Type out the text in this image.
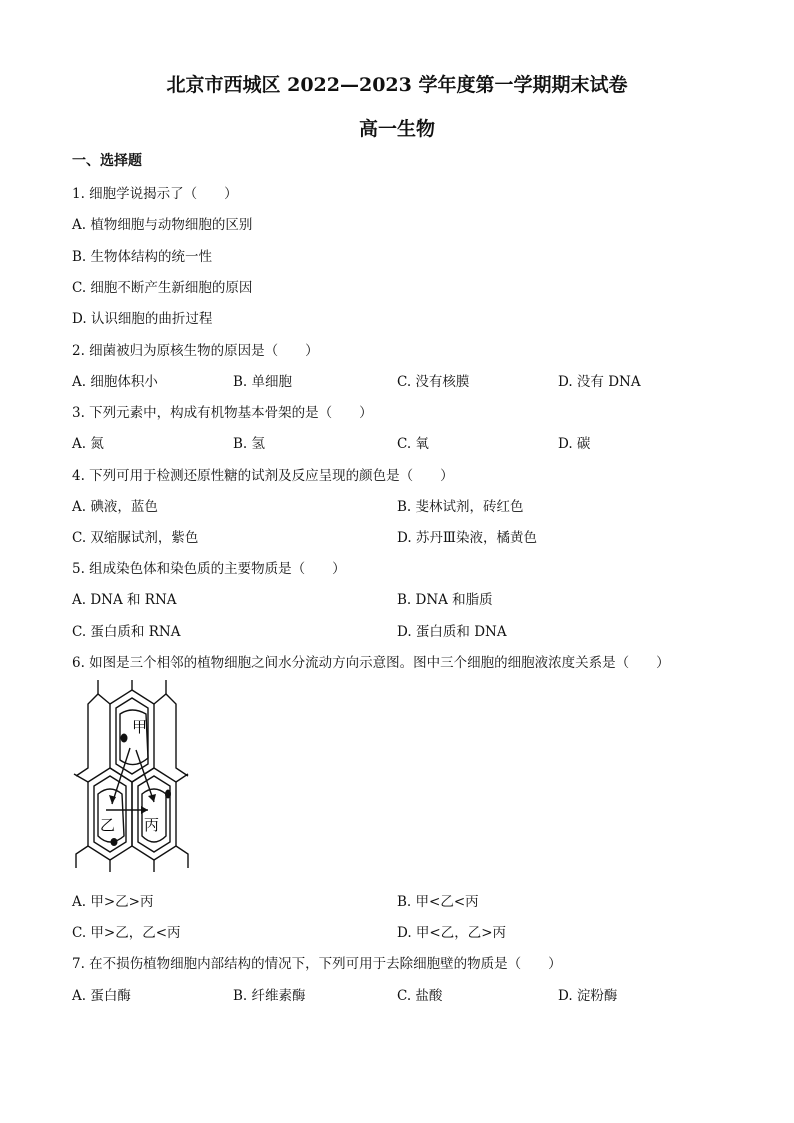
北京市西城区 2022—2023 学年度第一学期期末试卷
高一生物
一、选择题
1. 细胞学说揭示了（　　）
A. 植物细胞与动物细胞的区别
B. 生物体结构的统一性
C. 细胞不断产生新细胞的原因
D. 认识细胞的曲折过程
2. 细菌被归为原核生物的原因是（　　）
A. 细胞体积小	B. 单细胞	C. 没有核膜	D. 没有 DNA
3. 下列元素中，构成有机物基本骨架的是（　　）
A. 氮	B. 氢	C. 氧	D. 碳
4. 下列可用于检测还原性糖的试剂及反应呈现的颜色是（　　）
A. 碘液，蓝色	B. 斐林试剂，砖红色
C. 双缩脲试剂，紫色	D. 苏丹Ⅲ染液，橘黄色
5. 组成染色体和染色质的主要物质是（　　）
A. DNA 和 RNA	B. DNA 和脂质
C. 蛋白质和 RNA	D. 蛋白质和 DNA
6. 如图是三个相邻的植物细胞之间水分流动方向示意图。图中三个细胞的细胞液浓度关系是（　　）
甲
乙 丙
A. 甲>乙>丙	B. 甲<乙<丙
C. 甲>乙，乙<丙	D. 甲<乙，乙>丙
7. 在不损伤植物细胞内部结构的情况下，下列可用于去除细胞壁的物质是（　　）
A. 蛋白酶	B. 纤维素酶	C. 盐酸	D. 淀粉酶
